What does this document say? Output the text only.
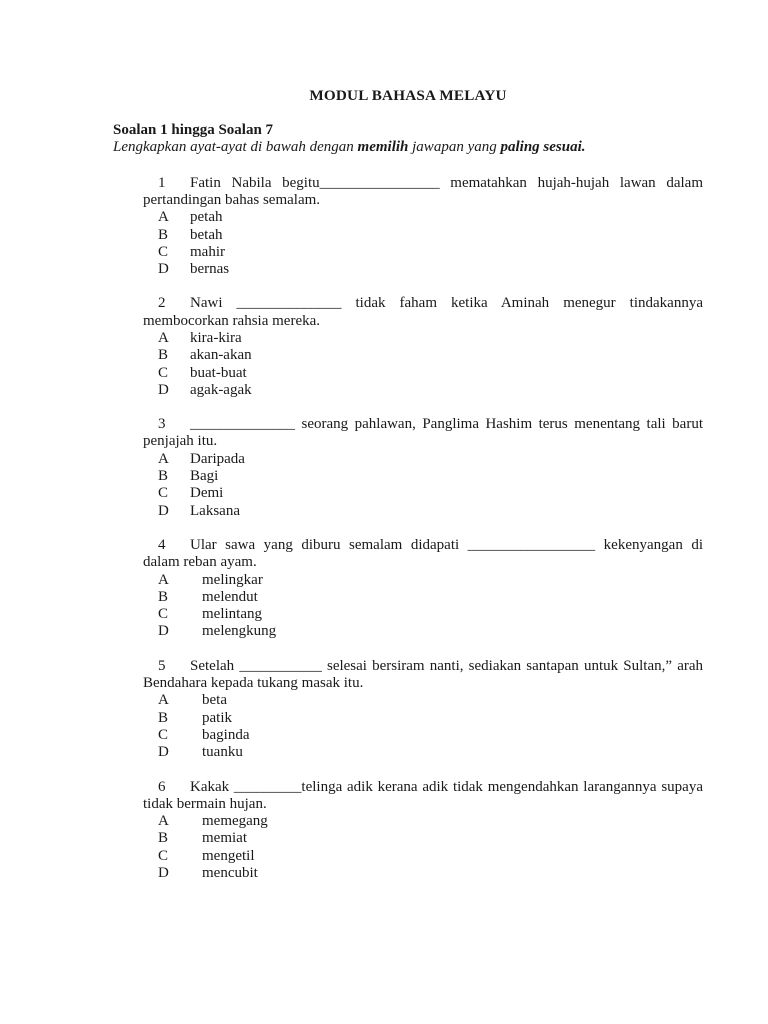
MODUL BAHASA MELAYU

Soalan 1 hingga Soalan 7

Lengkapkan ayat-ayat di bawah dengan memilih jawapan yang paling sesuai.

1 Fatin Nabila begitu________________ mematahkan hujah-hujah lawan dalam

pertandingan bahas semalam.

A petah
B betah
C mahir
D bernas

2 Nawi ______________ tidak faham ketika Aminah menegur tindakannya

membocorkan rahsia mereka.

A kira-kira
B akan-akan
C buat-buat
D agak-agak

3 ______________ seorang pahlawan, Panglima Hashim terus menentang tali barut

penjajah itu.

A Daripada
B Bagi
C Demi
D Laksana

4 Ular sawa yang diburu semalam didapati _________________ kekenyangan di

dalam reban ayam.

A melingkar
B melendut
C melintang
D melengkung

5 Setelah ___________ selesai bersiram nanti, sediakan santapan untuk Sultan,” arah

Bendahara kepada tukang masak itu.

A beta
B patik
C baginda
D tuanku

6 Kakak _________telinga adik kerana adik tidak mengendahkan larangannya supaya

tidak bermain hujan.

A memegang
B memiat
C mengetil
D mencubit
